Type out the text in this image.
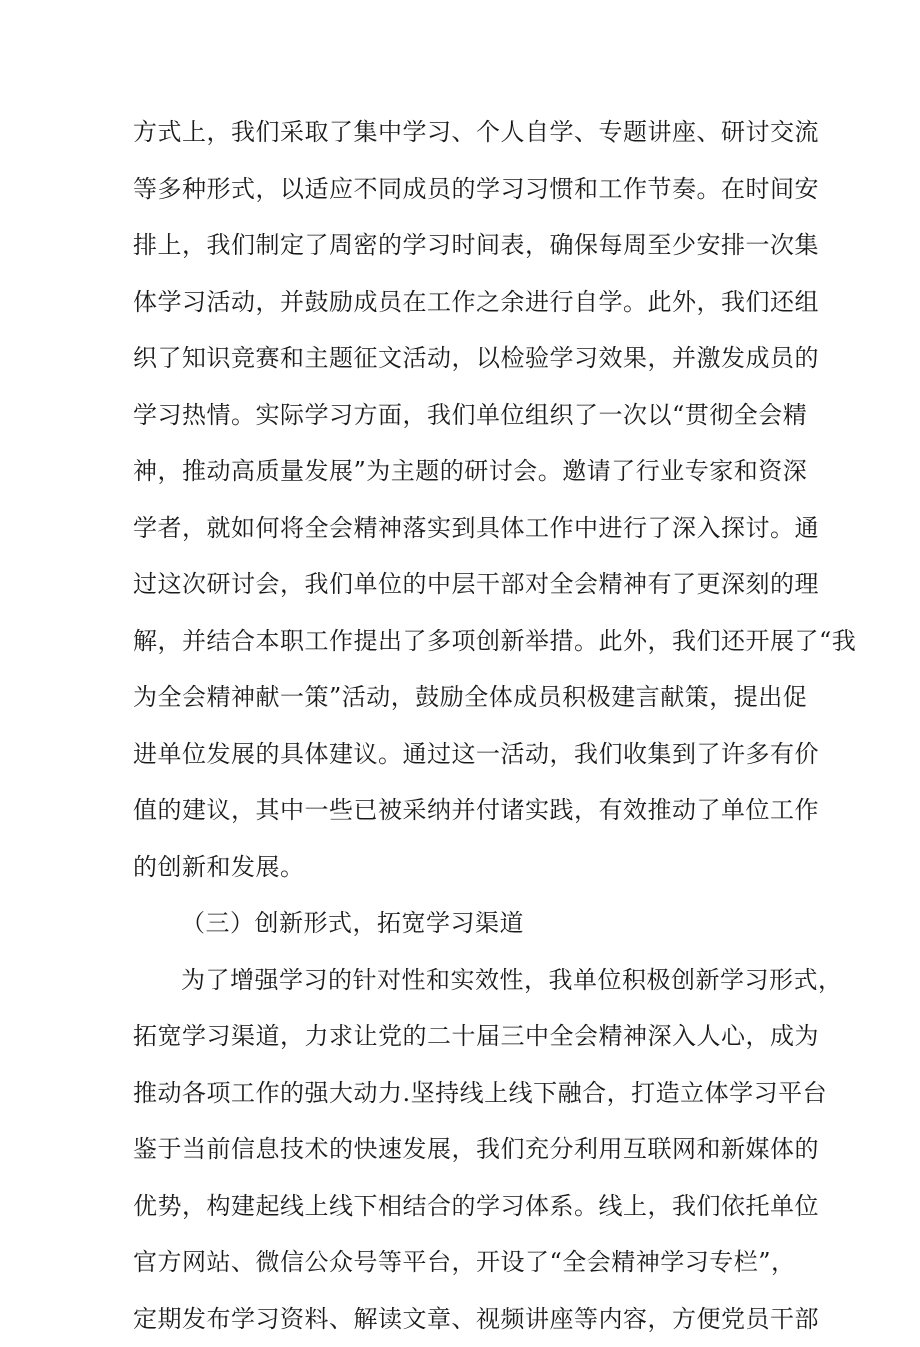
方式上，我们采取了集中学习、个人自学、专题讲座、研讨交流
等多种形式，以适应不同成员的学习习惯和工作节奏。在时间安
排上，我们制定了周密的学习时间表，确保每周至少安排一次集
体学习活动，并鼓励成员在工作之余进行自学。此外，我们还组
织了知识竞赛和主题征文活动，以检验学习效果，并激发成员的
学习热情。实际学习方面，我们单位组织了一次以“贯彻全会精
神，推动高质量发展”为主题的研讨会。邀请了行业专家和资深
学者，就如何将全会精神落实到具体工作中进行了深入探讨。通
过这次研讨会，我们单位的中层干部对全会精神有了更深刻的理
解，并结合本职工作提出了多项创新举措。此外，我们还开展了“我
为全会精神献一策”活动，鼓励全体成员积极建言献策，提出促
进单位发展的具体建议。通过这一活动，我们收集到了许多有价
值的建议，其中一些已被采纳并付诸实践，有效推动了单位工作
的创新和发展。
（三）创新形式，拓宽学习渠道
为了增强学习的针对性和实效性，我单位积极创新学习形式，
拓宽学习渠道，力求让党的二十届三中全会精神深入人心，成为
推动各项工作的强大动力.坚持线上线下融合，打造立体学习平台
鉴于当前信息技术的快速发展，我们充分利用互联网和新媒体的
优势，构建起线上线下相结合的学习体系。线上，我们依托单位
官方网站、微信公众号等平台，开设了“全会精神学习专栏”，
定期发布学习资料、解读文章、视频讲座等内容，方便党员干部
